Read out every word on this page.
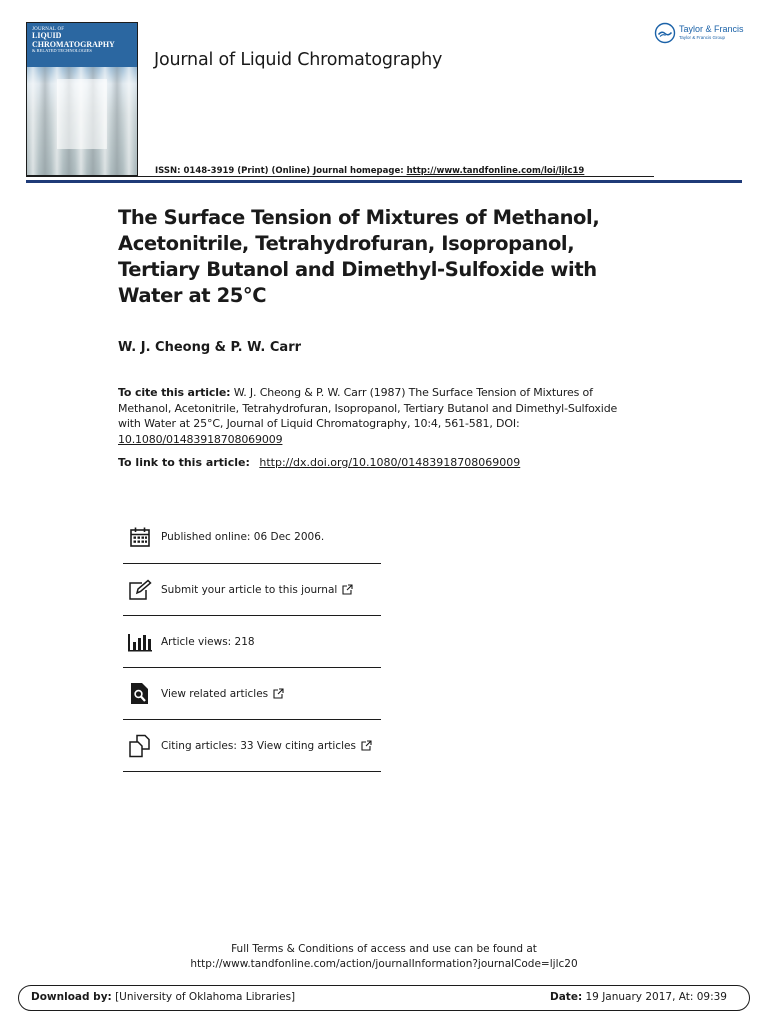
JOURNAL OF
LIQUID
CHROMATOGRAPHY
& RELATED TECHNOLOGIES	Journal of Liquid Chromatography
Taylor & Francis
Taylor & Francis Group
ISSN: 0148-3919 (Print) (Online) Journal homepage: http://www.tandfonline.com/loi/ljlc19
The Surface Tension of Mixtures of Methanol,
Acetonitrile, Tetrahydrofuran, Isopropanol,
Tertiary Butanol and Dimethyl-Sulfoxide with
Water at 25°C
W. J. Cheong & P. W. Carr
To cite this article: W. J. Cheong & P. W. Carr (1987) The Surface Tension of Mixtures of Methanol, Acetonitrile, Tetrahydrofuran, Isopropanol, Tertiary Butanol and Dimethyl-Sulfoxide with Water at 25°C, Journal of Liquid Chromatography, 10:4, 561-581, DOI: 10.1080/01483918708069009
To link to this article: http://dx.doi.org/10.1080/01483918708069009
Published online: 06 Dec 2006.
Submit your article to this journal
Article views: 218
View related articles
Citing articles: 33 View citing articles
Full Terms & Conditions of access and use can be found at
http://www.tandfonline.com/action/journalInformation?journalCode=ljlc20
Download by: [University of Oklahoma Libraries]	Date: 19 January 2017, At: 09:39
